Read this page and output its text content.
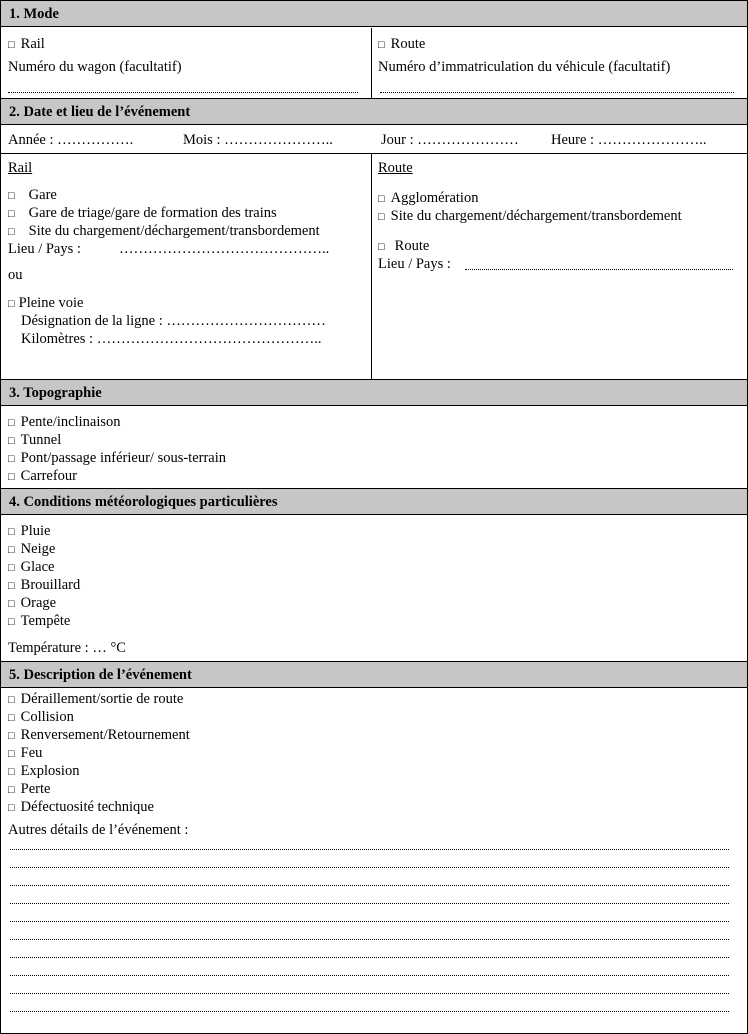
1. Mode
□ Rail
Numéro du wagon (facultatif)
□ Route
Numéro d’immatriculation du véhicule (facultatif)
2. Date et lieu de l’événement
Année : …………….	Mois : …………………..	Jour : ………………… Heure : …………………..
Rail
□ Gare
□ Gare de triage/gare de formation des trains
□ Site du chargement/déchargement/transbordement
Lieu / Pays :	……………………………………..
ou
□ Pleine voie
Désignation de la ligne : ……………………………
Kilomètres : ………………………………………..
Route
□ Agglomération
□ Site du chargement/déchargement/transbordement
□ Route
Lieu / Pays :
3. Topographie
□ Pente/inclinaison
□ Tunnel
□ Pont/passage inférieur/ sous-terrain
□ Carrefour
4. Conditions météorologiques particulières
□ Pluie
□ Neige
□ Glace
□ Brouillard
□ Orage
□ Tempête
Température : … °C
5. Description de l’événement
□ Déraillement/sortie de route
□ Collision
□ Renversement/Retournement
□ Feu
□ Explosion
□ Perte
□ Défectuosité technique
Autres détails de l’événement :
